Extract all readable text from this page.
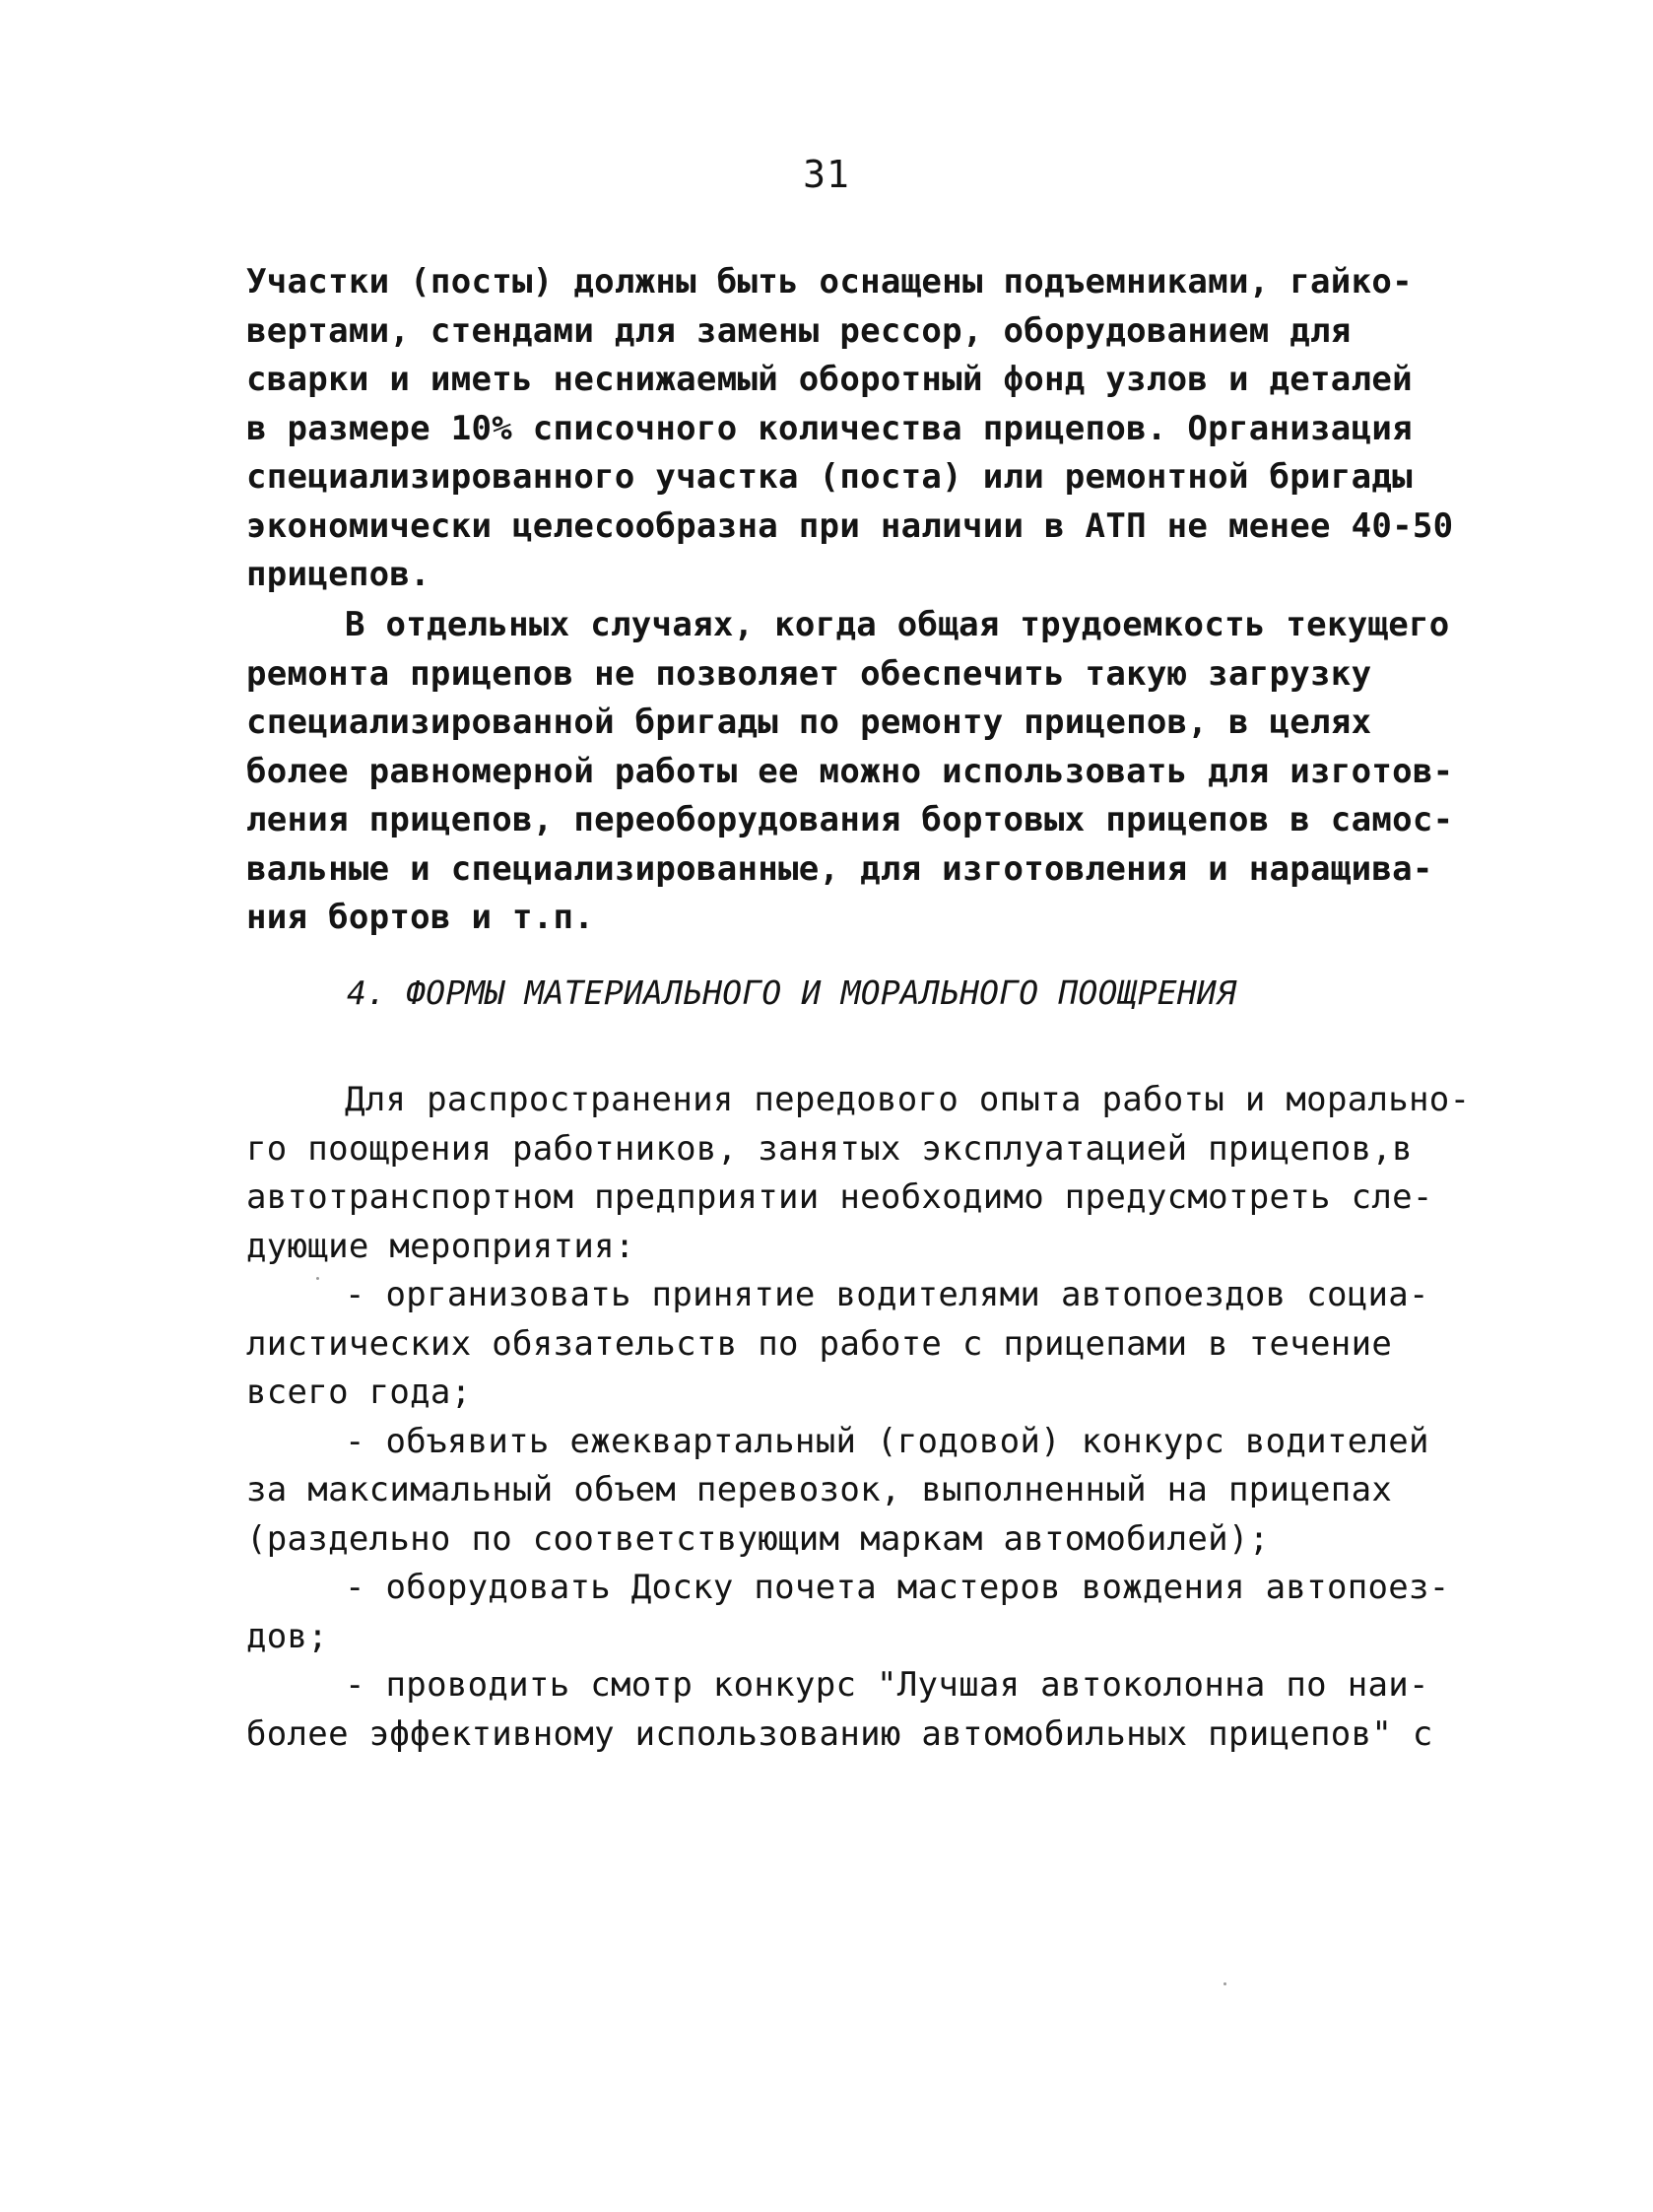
31
Участки (посты) должны быть оснащены подъемниками, гайко-
вертами, стендами для замены рессор, оборудованием для
сварки и иметь неснижаемый оборотный фонд узлов и деталей
в размере 10% списочного количества прицепов. Организация
специализированного участка (поста) или ремонтной бригады
экономически целесообразна при наличии в АТП не менее 40-50
прицепов.
В отдельных случаях, когда общая трудоемкость текущего
ремонта прицепов не позволяет обеспечить такую загрузку
специализированной бригады по ремонту прицепов, в целях
более равномерной работы ее можно использовать для изготов-
ления прицепов, переоборудования бортовых прицепов в самос-
вальные и специализированные, для изготовления и наращива-
ния бортов и т.п.
4. ФОРМЫ МАТЕРИАЛЬНОГО И МОРАЛЬНОГО ПООЩРЕНИЯ
Для распространения передового опыта работы и морально-
го поощрения работников, занятых эксплуатацией прицепов,в
автотранспортном предприятии необходимо предусмотреть сле-
дующие мероприятия:
- организовать принятие водителями автопоездов социа-
листических обязательств по работе с прицепами в течение
всего года;
- объявить ежеквартальный (годовой) конкурс водителей
за максимальный объем перевозок, выполненный на прицепах
(раздельно по соответствующим маркам автомобилей);
- оборудовать Доску почета мастеров вождения автопоез-
дов;
- проводить смотр конкурс "Лучшая автоколонна по наи-
более эффективному использованию автомобильных прицепов" с
